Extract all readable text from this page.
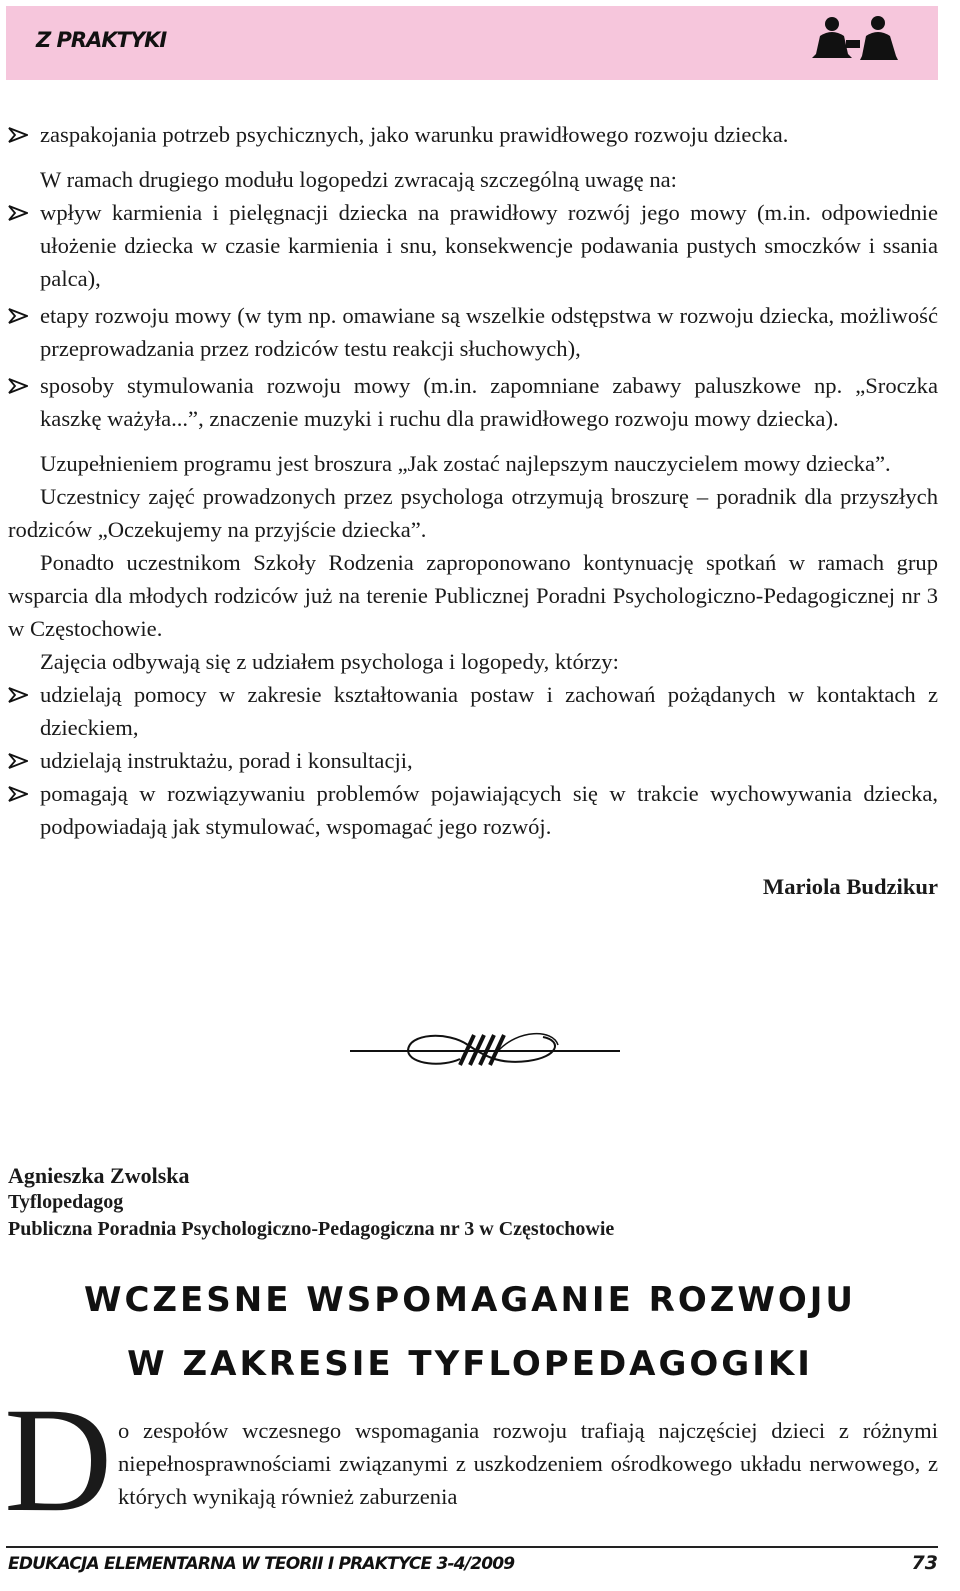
Z PRAKTYKI
zaspakojania potrzeb psychicznych, jako warunku prawidłowego rozwoju dziecka.
W ramach drugiego modułu logopedzi zwracają szczególną uwagę na:
wpływ karmienia i pielęgnacji dziecka na prawidłowy rozwój jego mowy (m.in. odpowiednie ułożenie dziecka w czasie karmienia i snu, konsekwencje podawania pustych smoczków i ssania palca),
etapy rozwoju mowy (w tym np. omawiane są wszelkie odstępstwa w rozwoju dziecka, możliwość przeprowadzania przez rodziców testu reakcji słuchowych),
sposoby stymulowania rozwoju mowy (m.in. zapomniane zabawy paluszkowe np. „Sroczka kaszkę ważyła...”, znaczenie muzyki i ruchu dla prawidłowego rozwoju mowy dziecka).
Uzupełnieniem programu jest broszura „Jak zostać najlepszym nauczycielem mowy dziecka”.
Uczestnicy zajęć prowadzonych przez psychologa otrzymują broszurę – poradnik dla przyszłych rodziców „Oczekujemy na przyjście dziecka”.
Ponadto uczestnikom Szkoły Rodzenia zaproponowano kontynuację spotkań w ramach grup wsparcia dla młodych rodziców już na terenie Publicznej Poradni Psychologiczno-Pedagogicznej nr 3 w Częstochowie.
Zajęcia odbywają się z udziałem psychologa i logopedy, którzy:
udzielają pomocy w zakresie kształtowania postaw i zachowań pożądanych w kontaktach z dzieckiem,
udzielają instruktażu, porad i konsultacji,
pomagają w rozwiązywaniu problemów pojawiających się w trakcie wychowywania dziecka, podpowiadają jak stymulować, wspomagać jego rozwój.
Mariola Budzikur
Agnieszka Zwolska
Tyflopedagog
Publiczna Poradnia Psychologiczno-Pedagogiczna nr 3 w Częstochowie
WCZESNE WSPOMAGANIE ROZWOJU
W ZAKRESIE TYFLOPEDAGOGIKI
D o zespołów wczesnego wspomagania rozwoju trafiają najczęściej dzieci z różnymi niepełnosprawnościami związanymi z uszkodzeniem ośrodkowego układu nerwowego, z których wynikają również zaburzenia
EDUKACJA ELEMENTARNA W TEORII I PRAKTYCE 3-4/2009	73
